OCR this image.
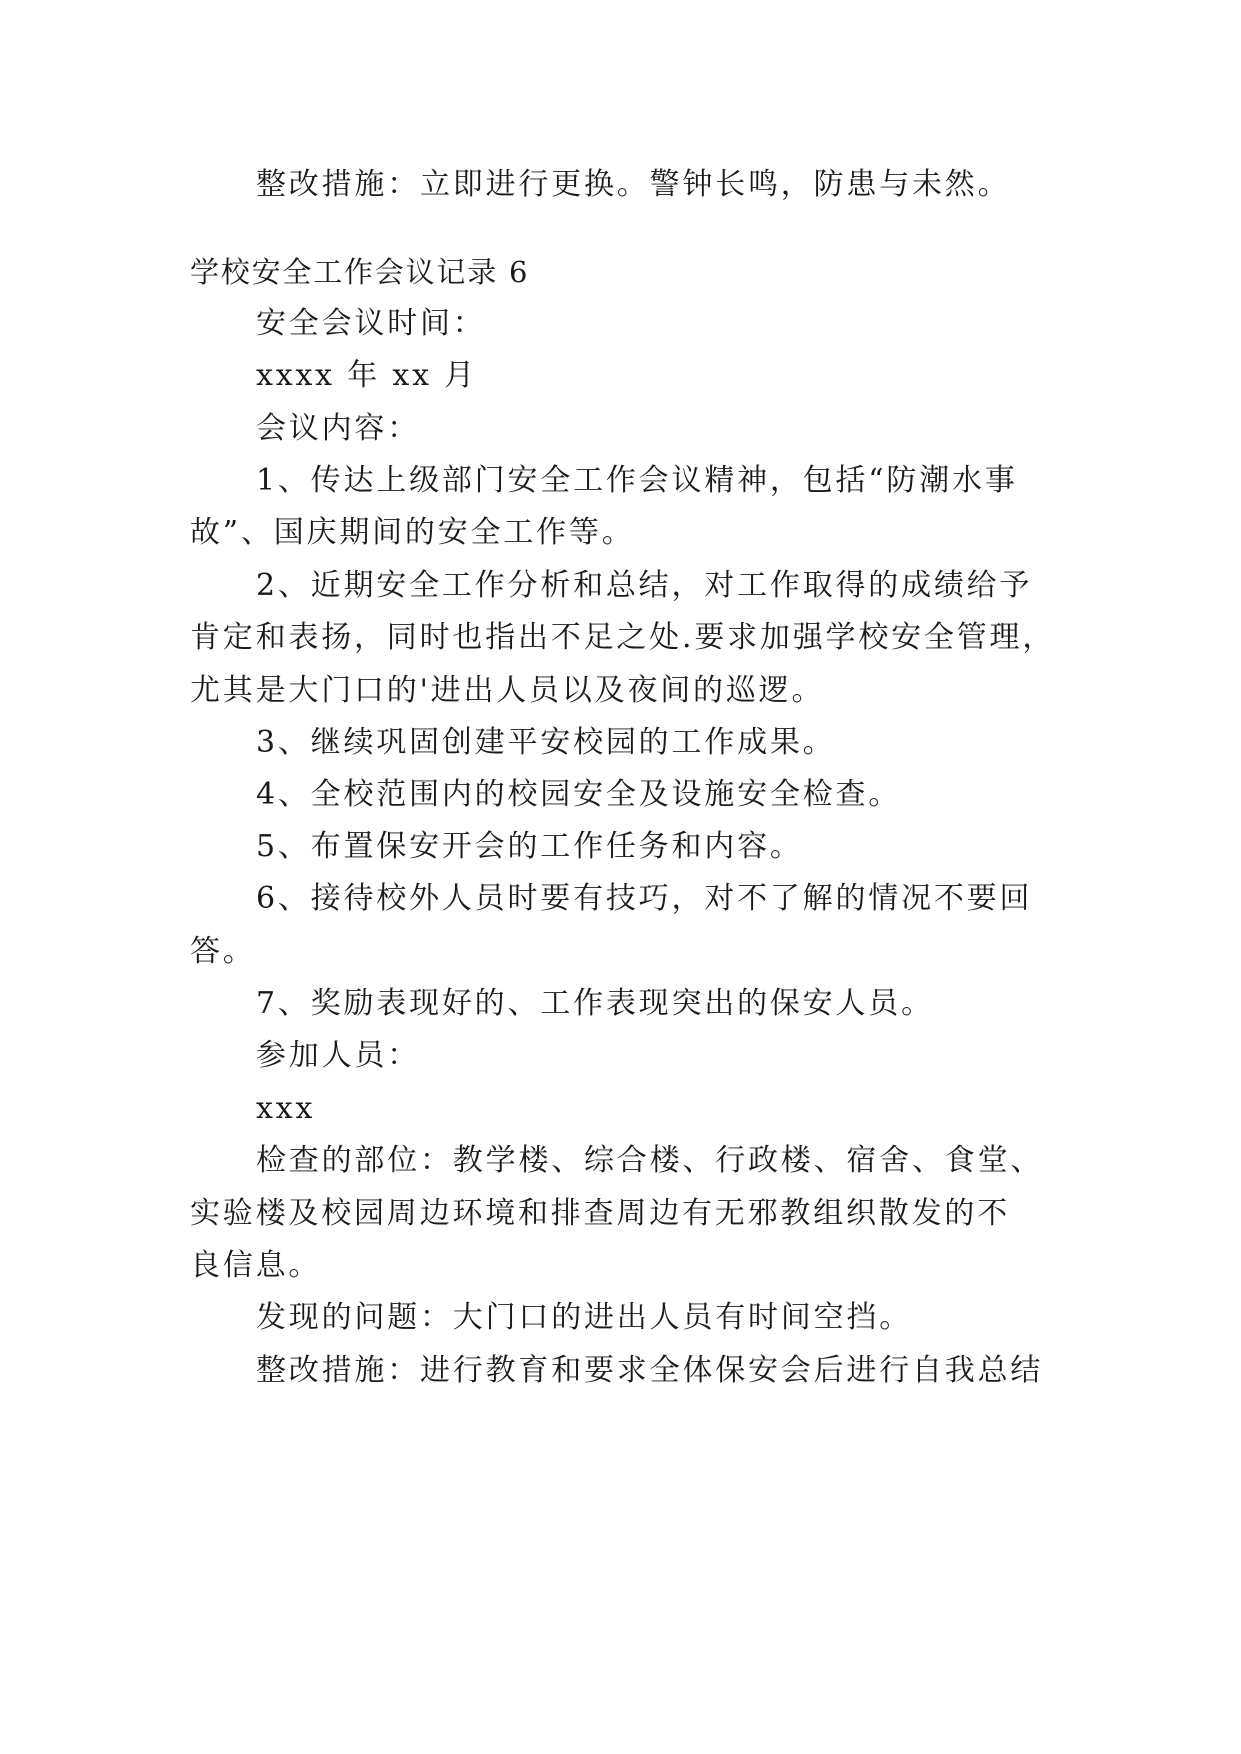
整改措施：立即进行更换。警钟长鸣，防患与未然。
学校安全工作会议记录 6
安全会议时间：
xxxx 年 xx 月
会议内容：
1、传达上级部门安全工作会议精神，包括“防潮水事
故”、国庆期间的安全工作等。
2、近期安全工作分析和总结，对工作取得的成绩给予
肯定和表扬，同时也指出不足之处.要求加强学校安全管理，
尤其是大门口的'进出人员以及夜间的巡逻。
3、继续巩固创建平安校园的工作成果。
4、全校范围内的校园安全及设施安全检查。
5、布置保安开会的工作任务和内容。
6、接待校外人员时要有技巧，对不了解的情况不要回
答。
7、奖励表现好的、工作表现突出的保安人员。
参加人员：
xxx
检查的部位：教学楼、综合楼、行政楼、宿舍、食堂、
实验楼及校园周边环境和排查周边有无邪教组织散发的不
良信息。
发现的问题：大门口的进出人员有时间空挡。
整改措施：进行教育和要求全体保安会后进行自我总结
